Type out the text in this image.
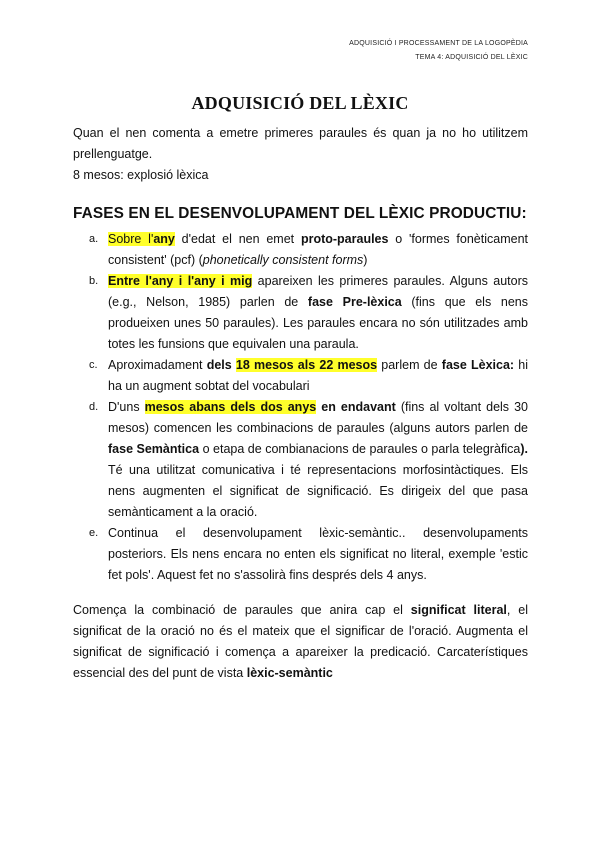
ADQUISICIÓ I PROCESSAMENT DE LA LOGOPÈDIA
TEMA 4: ADQUISICIÓ DEL LÈXIC
ADQUISICIÓ DEL LÈXIC

Quan el nen comenta a emetre primeres paraules és quan ja no ho utilitzem prellenguatge.

8 mesos: explosió lèxica

FASES EN EL DESENVOLUPAMENT DEL LÈXIC PRODUCTIU:
a. Sobre l'any d'edat el nen emet proto-paraules o 'formes fonèticament consistent' (pcf) (phonetically consistent forms)
b. Entre l'any i l'any i mig apareixen les primeres paraules. Alguns autors (e.g., Nelson, 1985) parlen de fase Pre-lèxica (fins que els nens produeixen unes 50 paraules). Les paraules encara no són utilitzades amb totes les funsions que equivalen una paraula.
c. Aproximadament dels 18 mesos als 22 mesos parlem de fase Lèxica: hi ha un augment sobtat del vocabulari
d. D'uns mesos abans dels dos anys en endavant (fins al voltant dels 30 mesos) comencen les combinacions de paraules (alguns autors parlen de fase Semàntica o etapa de combianacions de paraules o parla telegràfica). Té una utilitzat comunicativa i té representacions morfosintàctiques. Els nens augmenten el significat de significació. Es dirigeix del que pasa semànticament a la oració.
e. Continua el desenvolupament lèxic-semàntic.. desenvolupaments posteriors. Els nens encara no enten els significat no literal, exemple 'estic fet pols'. Aquest fet no s'assolirà fins després dels 4 anys.
Comença la combinació de paraules que anira cap el significat literal, el significat de la oració no és el mateix que el significar de l'oració. Augmenta el significat de significació i comença a apareixer la predicació. Carcaterístiques essencial des del punt de vista lèxic-semàntic
